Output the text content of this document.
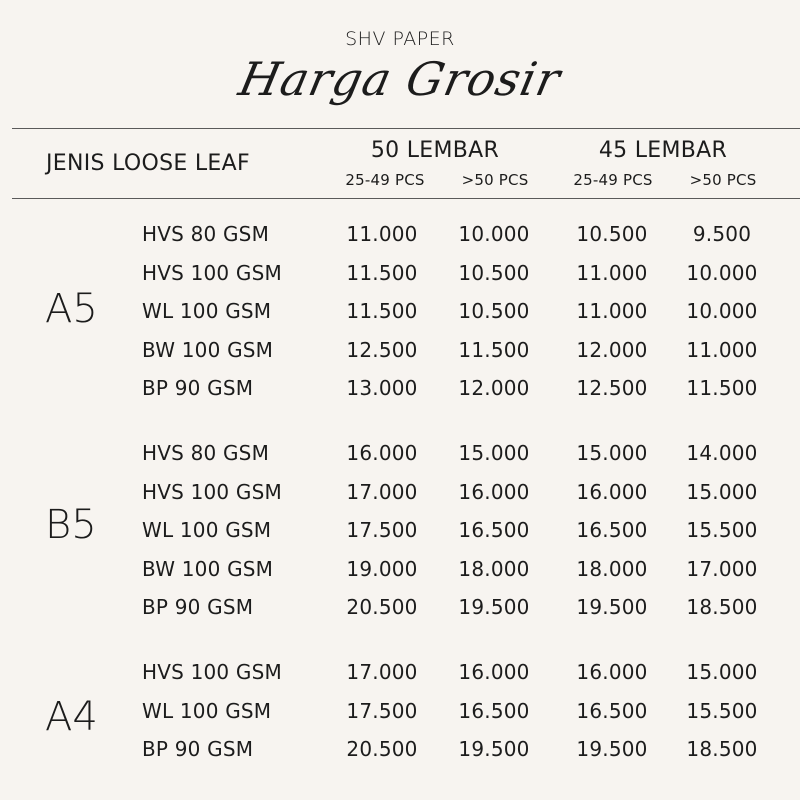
SHV PAPER
Harga Grosir
JENIS LOOSE LEAF
50 LEMBAR
25-49 PCS	>50 PCS
45 LEMBAR
25-49 PCS	>50 PCS
A5
HVS 80 GSM	11.000	10.000	10.500	9.500
HVS 100 GSM	11.500	10.500	11.000	10.000
WL 100 GSM	11.500	10.500	11.000	10.000
BW 100 GSM	12.500	11.500	12.000	11.000
BP 90 GSM	13.000	12.000	12.500	11.500
B5
HVS 80 GSM	16.000	15.000	15.000	14.000
HVS 100 GSM	17.000	16.000	16.000	15.000
WL 100 GSM	17.500	16.500	16.500	15.500
BW 100 GSM	19.000	18.000	18.000	17.000
BP 90 GSM	20.500	19.500	19.500	18.500
A4
HVS 100 GSM	17.000	16.000	16.000	15.000
WL 100 GSM	17.500	16.500	16.500	15.500
BP 90 GSM	20.500	19.500	19.500	18.500
